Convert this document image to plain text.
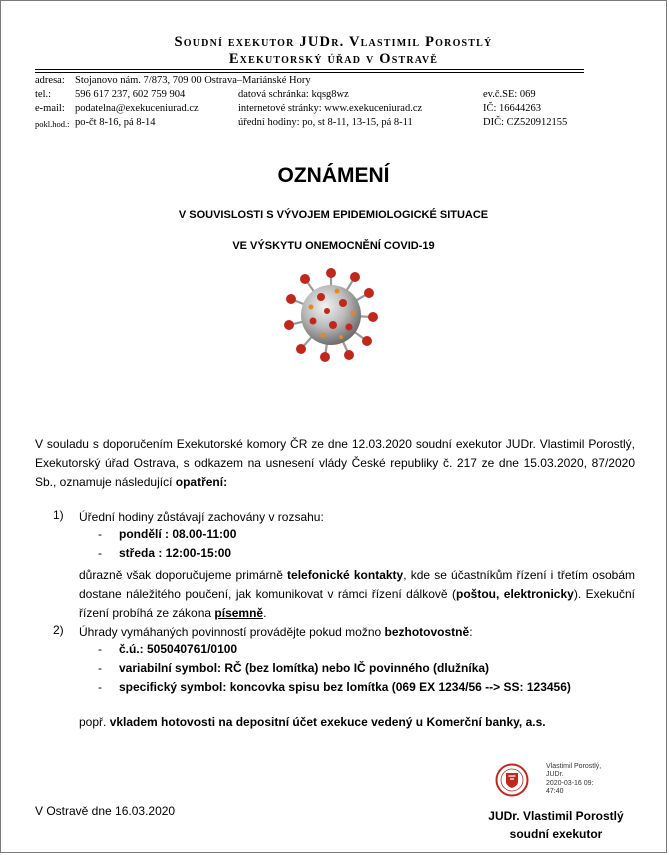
Soudní exekutor JUDr. Vlastimil Porostlý
Exekutorský úřad v Ostravě
adresa: Stojanovo nám. 7/873, 709 00 Ostrava–Mariánské Hory
tel.: 596 617 237, 602 759 904	datová schránka: kqsg8wz	ev.č.SE: 069
e-mail: podatelna@exekuceniurad.cz	internetové stránky: www.exekuceniurad.cz	IČ: 16644263
pokl.hod.: po-čt 8-16, pá 8-14	úřední hodiny: po, st 8-11, 13-15, pá 8-11	DIČ: CZ520912155
OZNÁMENÍ
V SOUVISLOSTI S VÝVOJEM EPIDEMIOLOGICKÉ SITUACE
VE VÝSKYTU ONEMOCNĚNÍ COVID-19
V souladu s doporučením Exekutorské komory ČR ze dne 12.03.2020 soudní exekutor JUDr. Vlastimil Porostlý, Exekutorský úřad Ostrava, s odkazem na usnesení vlády České republiky č. 217 ze dne 15.03.2020, 87/2020 Sb., oznamuje následující opatření:
1) Úřední hodiny zůstávají zachovány v rozsahu:
- pondělí : 08.00-11:00
- středa : 12:00-15:00
důrazně však doporučujeme primárně telefonické kontakty, kde se účastníkům řízení i třetím osobám dostane náležitého poučení, jak komunikovat v rámci řízení dálkově (poštou, elektronicky). Exekuční řízení probíhá ze zákona písemně.
2) Úhrady vymáhaných povinností provádějte pokud možno bezhotovostně:
- č.ú.: 505040761/0100
- variabilní symbol: RČ (bez lomítka) nebo IČ povinného (dlužníka)
- specifický symbol: koncovka spisu bez lomítka (069 EX 1234/56 --> SS: 123456)
popř. vkladem hotovosti na depositní účet exekuce vedený u Komerční banky, a.s.
V Ostravě dne 16.03.2020
Vlastimil Porostlý,
JUDr.
2020-03-16 09:
47:40
JUDr. Vlastimil Porostlý
soudní exekutor
